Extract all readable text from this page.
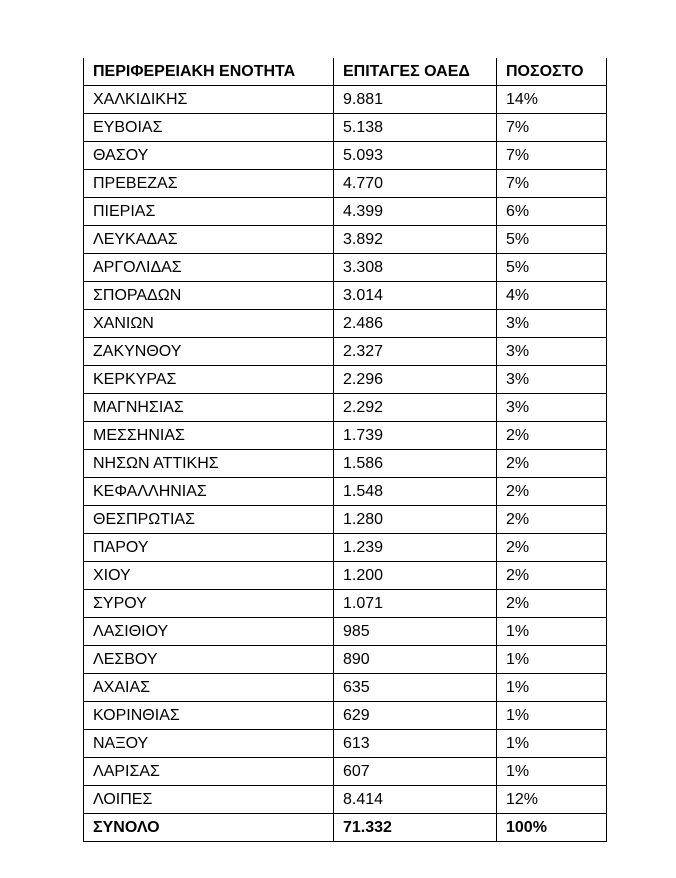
ΠΕΡΙΦΕΡΕΙΑΚΗ ΕΝΟΤΗΤΑ	ΕΠΙΤΑΓΕΣ ΟΑΕΔ	ΠΟΣΟΣΤΟ
ΧΑΛΚΙΔΙΚΗΣ	9.881	14%
ΕΥΒΟΙΑΣ	5.138	7%
ΘΑΣΟΥ	5.093	7%
ΠΡΕΒΕΖΑΣ	4.770	7%
ΠΙΕΡΙΑΣ	4.399	6%
ΛΕΥΚΑΔΑΣ	3.892	5%
ΑΡΓΟΛΙΔΑΣ	3.308	5%
ΣΠΟΡΑΔΩΝ	3.014	4%
ΧΑΝΙΩΝ	2.486	3%
ΖΑΚΥΝΘΟΥ	2.327	3%
ΚΕΡΚΥΡΑΣ	2.296	3%
ΜΑΓΝΗΣΙΑΣ	2.292	3%
ΜΕΣΣΗΝΙΑΣ	1.739	2%
ΝΗΣΩΝ ΑΤΤΙΚΗΣ	1.586	2%
ΚΕΦΑΛΛΗΝΙΑΣ	1.548	2%
ΘΕΣΠΡΩΤΙΑΣ	1.280	2%
ΠΑΡΟΥ	1.239	2%
ΧΙΟΥ	1.200	2%
ΣΥΡΟΥ	1.071	2%
ΛΑΣΙΘΙΟΥ	985	1%
ΛΕΣΒΟΥ	890	1%
ΑΧΑΙΑΣ	635	1%
ΚΟΡΙΝΘΙΑΣ	629	1%
ΝΑΞΟΥ	613	1%
ΛΑΡΙΣΑΣ	607	1%
ΛΟΙΠΕΣ	8.414	12%
ΣΥΝΟΛΟ	71.332	100%
